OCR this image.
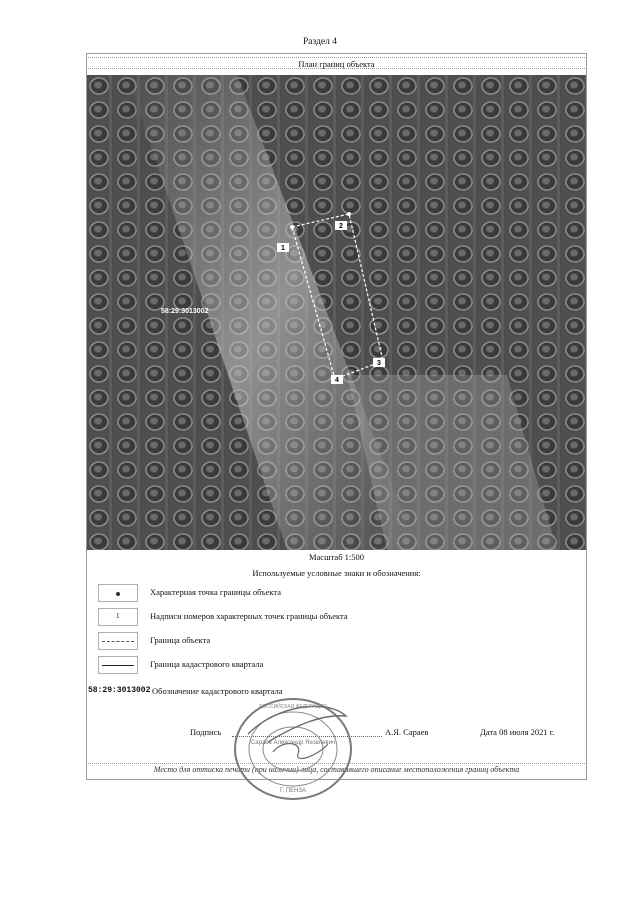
Раздел 4
План границ объекта
1
2
3
4
58:29:3013002
Масштаб 1:500
Используемые условные знаки и обозначения:
Характерная точка границы объекта
1	Надписи номеров характерных точек границы объекта
Граница объекта
Граница кадастрового квартала
58:29:3013002 Обозначение кадастрового квартала
Подпись	А.Я. Сараев	Дата 08 июля 2021 г.
Место для оттиска печати (при наличии) лица, составившего описание местоположения границ объекта
Сараев Александр Яковлевич
Г. ПЕНЗА
РОССИЙСКАЯ ФЕДЕРАЦИЯ
